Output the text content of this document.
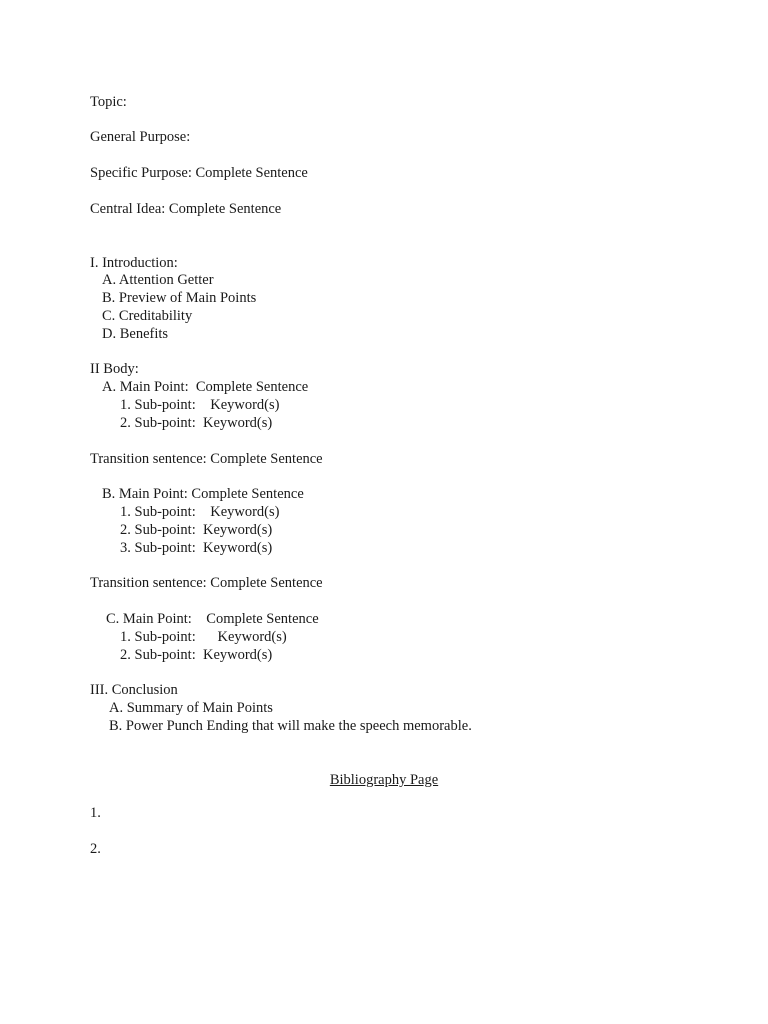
Topic:
General Purpose:
Specific Purpose: Complete Sentence
Central Idea: Complete Sentence
I. Introduction:
A. Attention Getter
B. Preview of Main Points
C. Creditability
D. Benefits
II Body:
A. Main Point:  Complete Sentence
1. Sub-point:    Keyword(s)
2. Sub-point:  Keyword(s)
Transition sentence: Complete Sentence
B. Main Point: Complete Sentence
1. Sub-point:    Keyword(s)
2. Sub-point:  Keyword(s)
3. Sub-point:  Keyword(s)
Transition sentence: Complete Sentence
C. Main Point:    Complete Sentence
1. Sub-point:      Keyword(s)
2. Sub-point:  Keyword(s)
III. Conclusion
A. Summary of Main Points
B. Power Punch Ending that will make the speech memorable.
Bibliography Page
1.
2.
